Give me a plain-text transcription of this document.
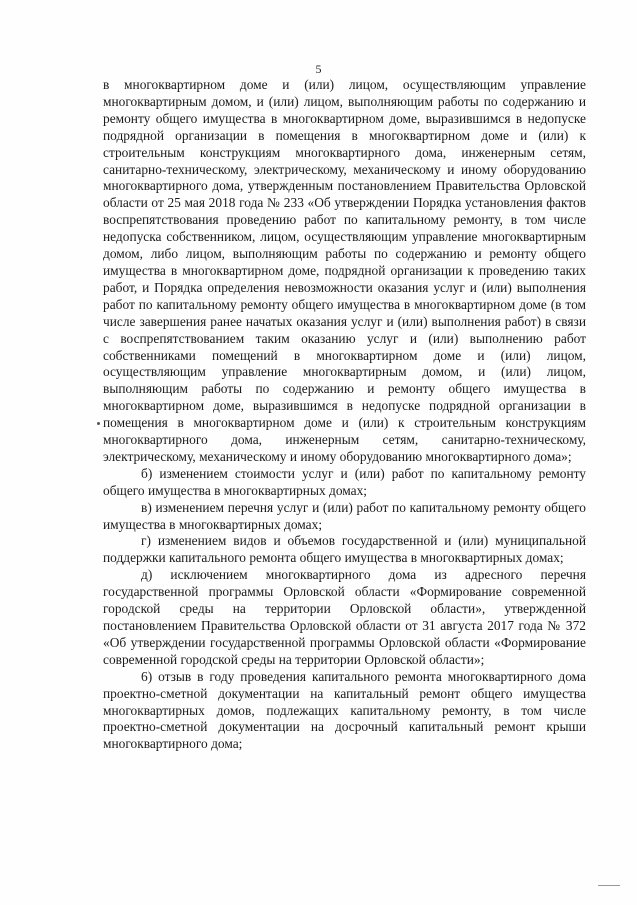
5

в многоквартирном доме и (или) лицом, осуществляющим управление многоквартирным домом, и (или) лицом, выполняющим работы по содержанию и ремонту общего имущества в многоквартирном доме, выразившимся в недопуске подрядной организации в помещения в многоквартирном доме и (или) к строительным конструкциям многоквартирного дома, инженерным сетям, санитарно-техническому, электрическому, механическому и иному оборудованию многоквартирного дома, утвержденным постановлением Правительства Орловской области от 25 мая 2018 года № 233 «Об утверждении Порядка установления фактов воспрепятствования проведению работ по капитальному ремонту, в том числе недопуска собственником, лицом, осуществляющим управление многоквартирным домом, либо лицом, выполняющим работы по содержанию и ремонту общего имущества в многоквартирном доме, подрядной организации к проведению таких работ, и Порядка определения невозможности оказания услуг и (или) выполнения работ по капитальному ремонту общего имущества в многоквартирном доме (в том числе завершения ранее начатых оказания услуг и (или) выполнения работ) в связи с воспрепятствованием таким оказанию услуг и (или) выполнению работ собственниками помещений в многоквартирном доме и (или) лицом, осуществляющим управление многоквартирным домом, и (или) лицом, выполняющим работы по содержанию и ремонту общего имущества в многоквартирном доме, выразившимся в недопуске подрядной организации в помещения в многоквартирном доме и (или) к строительным конструкциям многоквартирного дома, инженерным сетям, санитарно-техническому, электрическому, механическому и иному оборудованию многоквартирного дома»;

б) изменением стоимости услуг и (или) работ по капитальному ремонту общего имущества в многоквартирных домах;

в) изменением перечня услуг и (или) работ по капитальному ремонту общего имущества в многоквартирных домах;

г) изменением видов и объемов государственной и (или) муниципальной поддержки капитального ремонта общего имущества в многоквартирных домах;

д) исключением многоквартирного дома из адресного перечня государственной программы Орловской области «Формирование современной городской среды на территории Орловской области», утвержденной постановлением Правительства Орловской области от 31 августа 2017 года № 372 «Об утверждении государственной программы Орловской области «Формирование современной городской среды на территории Орловской области»;

6) отзыв в году проведения капитального ремонта многоквартирного дома проектно-сметной документации на капитальный ремонт общего имущества многоквартирных домов, подлежащих капитальному ремонту, в том числе проектно-сметной документации на досрочный капитальный ремонт крыши многоквартирного дома;
